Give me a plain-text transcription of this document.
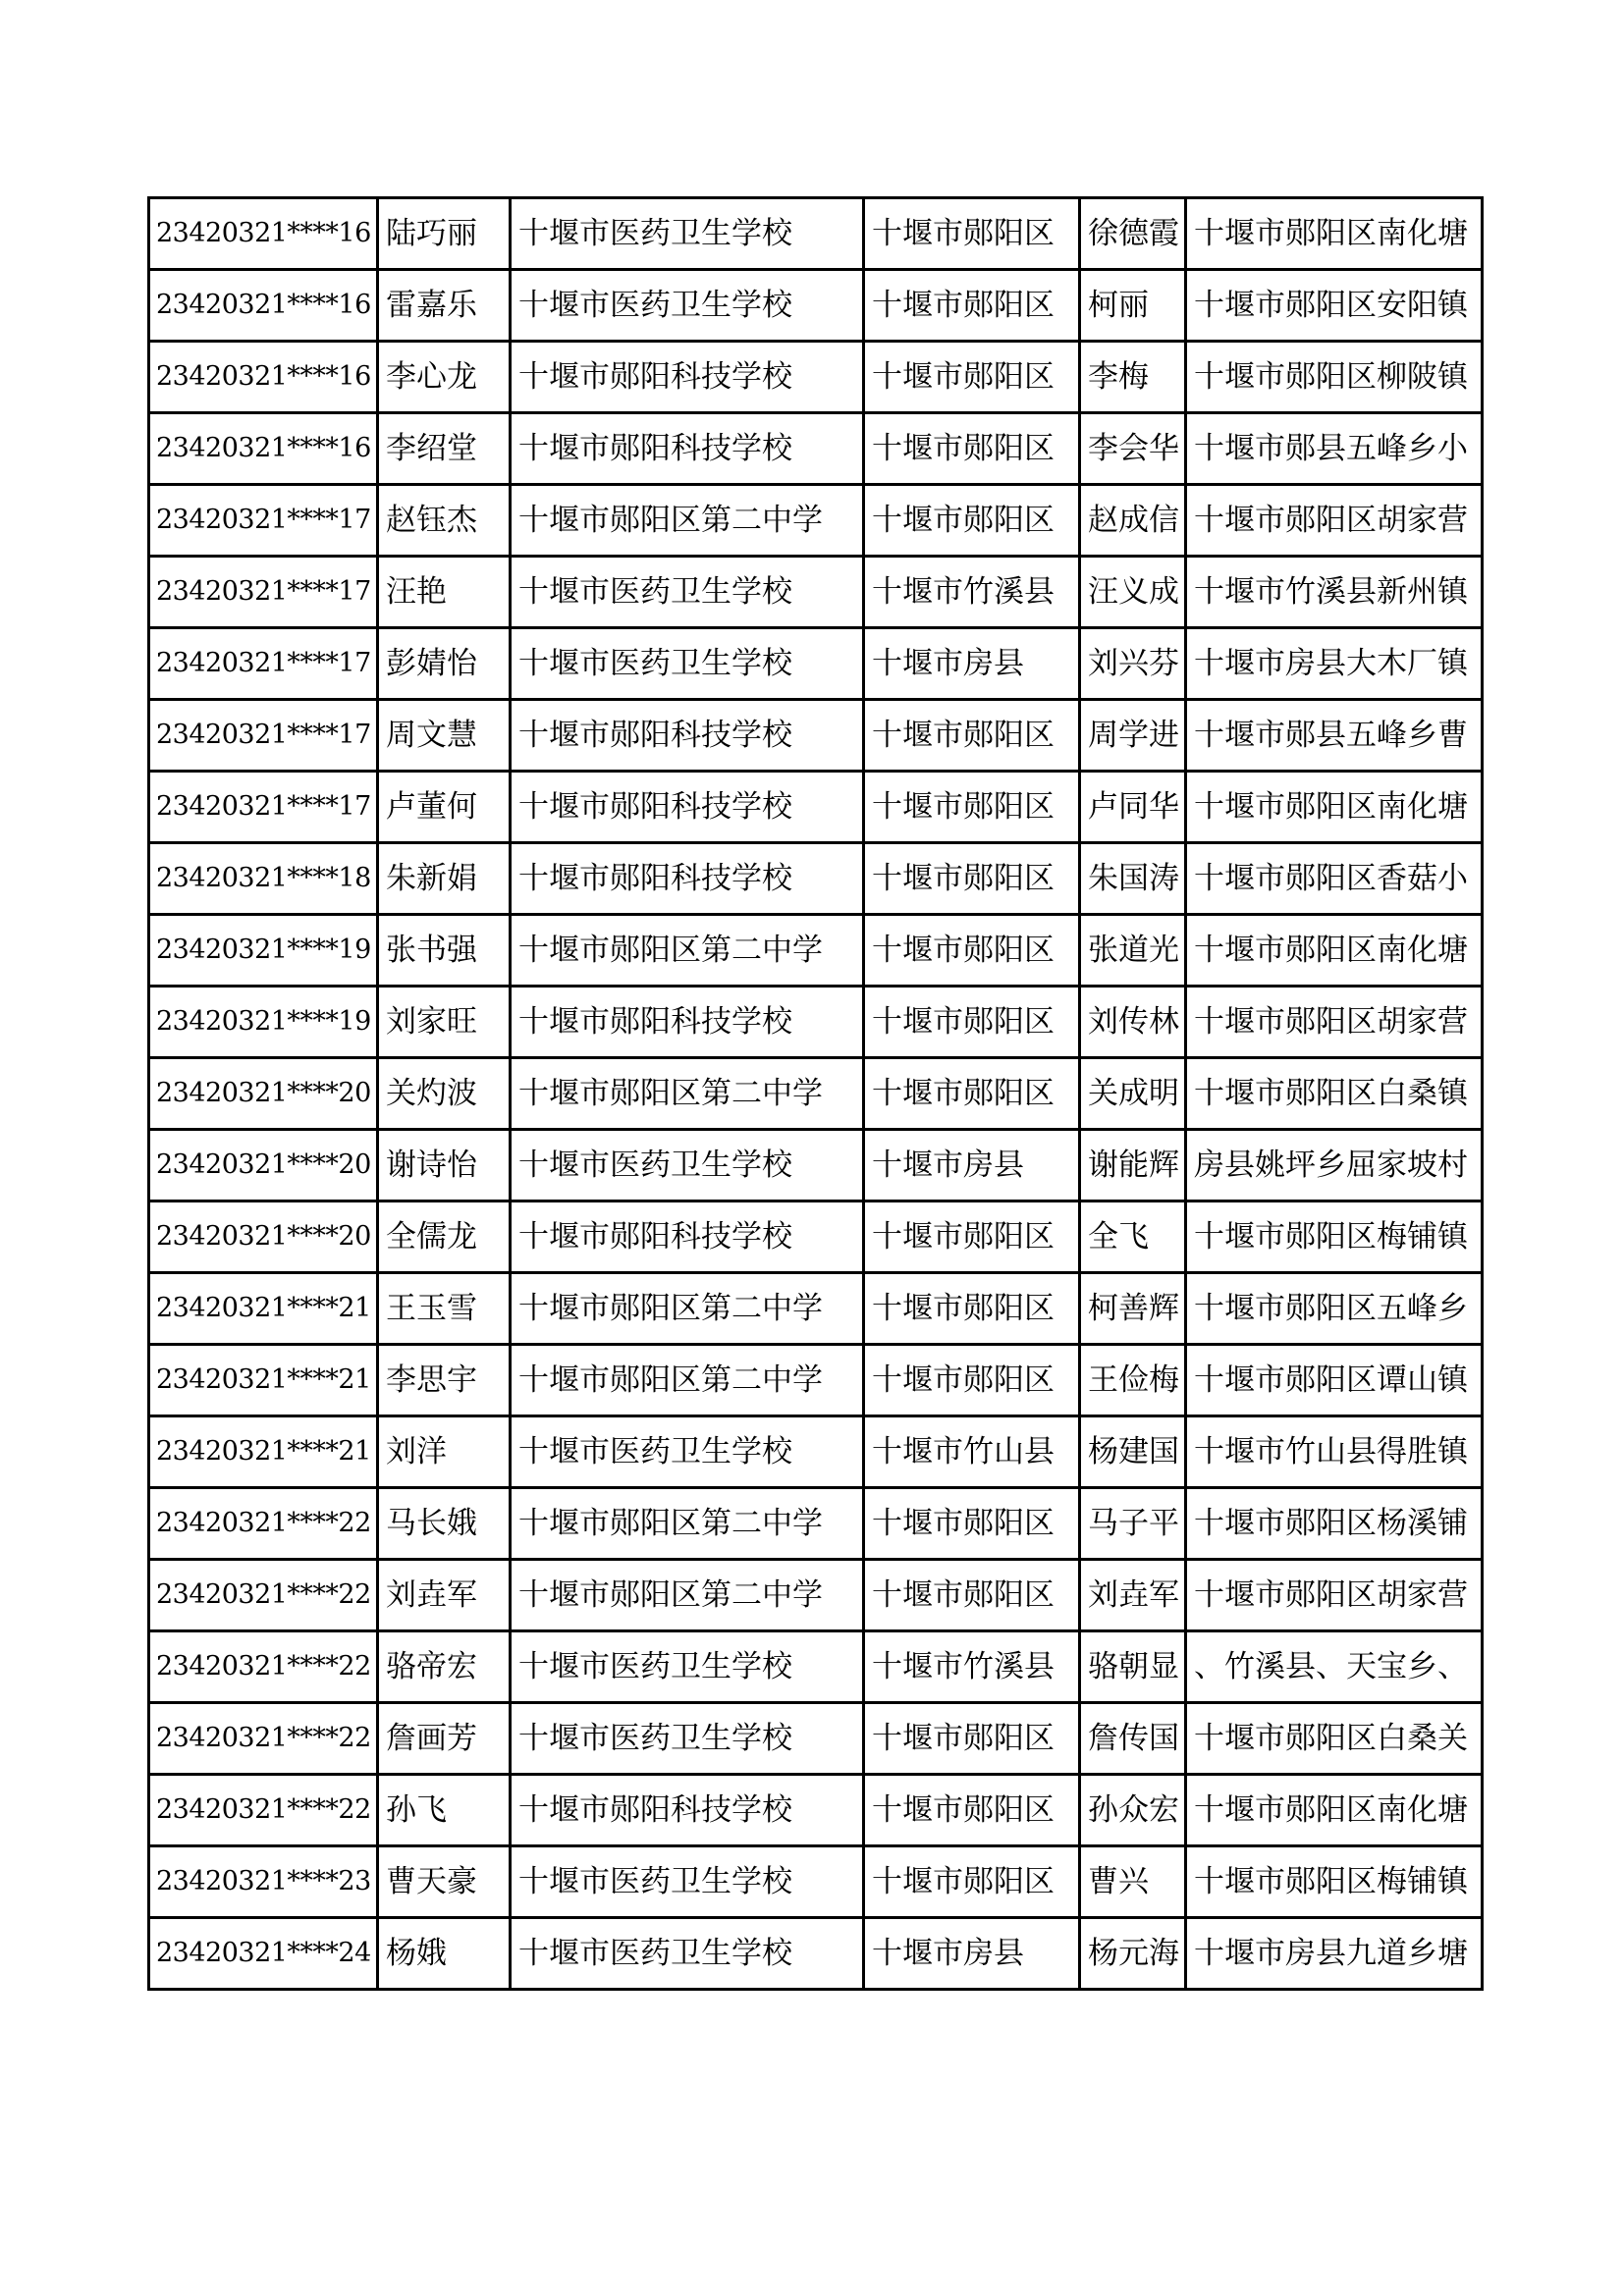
23420321****16	陆巧丽	十堰市医药卫生学校	十堰市郧阳区	徐德霞	十堰市郧阳区南化塘
23420321****16	雷嘉乐	十堰市医药卫生学校	十堰市郧阳区	柯丽	十堰市郧阳区安阳镇
23420321****16	李心龙	十堰市郧阳科技学校	十堰市郧阳区	李梅	十堰市郧阳区柳陂镇
23420321****16	李绍堂	十堰市郧阳科技学校	十堰市郧阳区	李会华	十堰市郧县五峰乡小
23420321****17	赵钰杰	十堰市郧阳区第二中学	十堰市郧阳区	赵成信	十堰市郧阳区胡家营
23420321****17	汪艳	十堰市医药卫生学校	十堰市竹溪县	汪义成	十堰市竹溪县新州镇
23420321****17	彭婧怡	十堰市医药卫生学校	十堰市房县	刘兴芬	十堰市房县大木厂镇
23420321****17	周文慧	十堰市郧阳科技学校	十堰市郧阳区	周学进	十堰市郧县五峰乡曹
23420321****17	卢董何	十堰市郧阳科技学校	十堰市郧阳区	卢同华	十堰市郧阳区南化塘
23420321****18	朱新娟	十堰市郧阳科技学校	十堰市郧阳区	朱国涛	十堰市郧阳区香菇小
23420321****19	张书强	十堰市郧阳区第二中学	十堰市郧阳区	张道光	十堰市郧阳区南化塘
23420321****19	刘家旺	十堰市郧阳科技学校	十堰市郧阳区	刘传林	十堰市郧阳区胡家营
23420321****20	关灼波	十堰市郧阳区第二中学	十堰市郧阳区	关成明	十堰市郧阳区白桑镇
23420321****20	谢诗怡	十堰市医药卫生学校	十堰市房县	谢能辉	房县姚坪乡屈家坡村
23420321****20	全儒龙	十堰市郧阳科技学校	十堰市郧阳区	全飞	十堰市郧阳区梅铺镇
23420321****21	王玉雪	十堰市郧阳区第二中学	十堰市郧阳区	柯善辉	十堰市郧阳区五峰乡
23420321****21	李思宇	十堰市郧阳区第二中学	十堰市郧阳区	王俭梅	十堰市郧阳区谭山镇
23420321****21	刘洋	十堰市医药卫生学校	十堰市竹山县	杨建国	十堰市竹山县得胜镇
23420321****22	马长娥	十堰市郧阳区第二中学	十堰市郧阳区	马子平	十堰市郧阳区杨溪铺
23420321****22	刘垚军	十堰市郧阳区第二中学	十堰市郧阳区	刘垚军	十堰市郧阳区胡家营
23420321****22	骆帝宏	十堰市医药卫生学校	十堰市竹溪县	骆朝显	、竹溪县、天宝乡、
23420321****22	詹画芳	十堰市医药卫生学校	十堰市郧阳区	詹传国	十堰市郧阳区白桑关
23420321****22	孙飞	十堰市郧阳科技学校	十堰市郧阳区	孙众宏	十堰市郧阳区南化塘
23420321****23	曹天豪	十堰市医药卫生学校	十堰市郧阳区	曹兴	十堰市郧阳区梅铺镇
23420321****24	杨娥	十堰市医药卫生学校	十堰市房县	杨元海	十堰市房县九道乡塘
